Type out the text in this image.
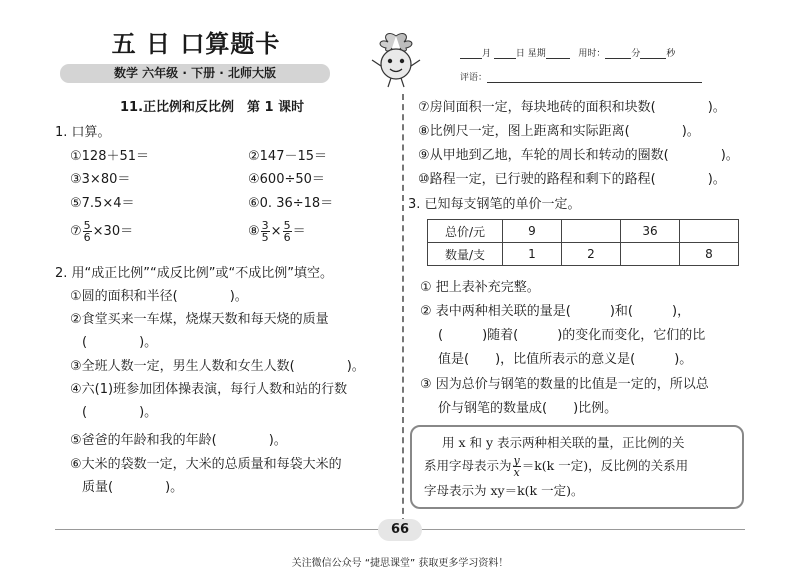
五 日 口算题卡
数学 六年级 · 下册 · 北师大版
月	日 星期	用时：	分	秒
评语：
11.正比例和反比例　第 1 课时
1. 口算。
①128＋51＝	②147－15＝
③3×80＝	④600÷50＝
⑤7.5×4＝	⑥0. 36÷18＝
⑦ $\frac{5}{6} \times 30=$	⑧ $\frac{3}{5} \times \frac{5}{6}$ ＝
2. 用“成正比例”“成反比例”或“不成比例”填空。
①圆的面积和半径(　　　　)。
②食堂买来一车煤，烧煤天数和每天烧的质量
(　　　　)。
③全班人数一定，男生人数和女生人数(　　　　)。
④六(1)班参加团体操表演，每行人数和站的行数
(　　　　)。
⑤爸爸的年龄和我的年龄(　　　　)。
⑥大米的袋数一定，大米的总质量和每袋大米的
质量(　　　　)。
⑦房间面积一定，每块地砖的面积和块数(　　　　)。
⑧比例尺一定，图上距离和实际距离(　　　　)。
⑨从甲地到乙地，车轮的周长和转动的圈数(　　　　)。
⑩路程一定，已行驶的路程和剩下的路程(　　　　)。
3. 已知每支钢笔的单价一定。
总价/元	9		36	
数量/支	1	2		8
① 把上表补充完整。
② 表中两种相关联的量是(　　　)和(　　　)，
(　　　)随着(　　　)的变化而变化，它们的比
值是(　　)，比值所表示的意义是(　　　)。
③ 因为总价与钢笔的数量的比值是一定的，所以总
价与钢笔的数量成(　　)比例。
用 x 和 y 表示两种相关联的量，正比例的关
系用字母表示为 $\frac{y}{x} =k(k$ 一定)，反比例的关系用
字母表示为 xy＝k(k 一定)。
66
关注微信公众号 “捷思课堂” 获取更多学习资料！
